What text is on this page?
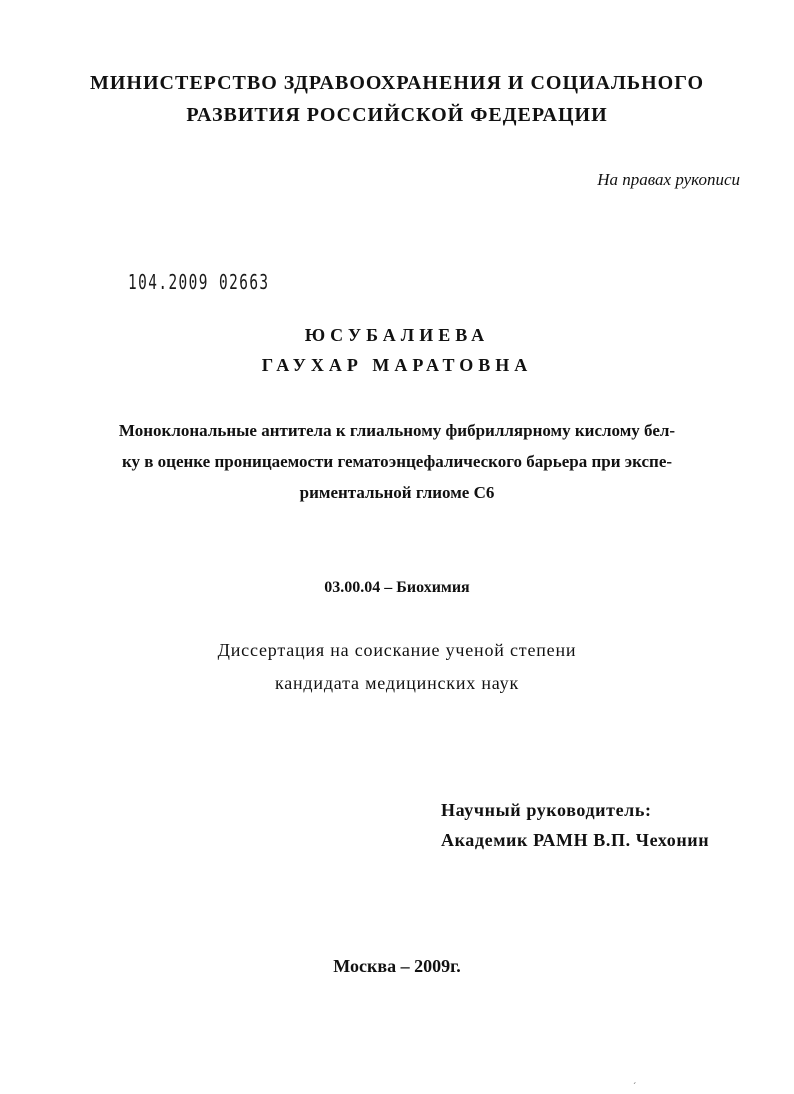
МИНИСТЕРСТВО ЗДРАВООХРАНЕНИЯ И СОЦИАЛЬНОГО
РАЗВИТИЯ РОССИЙСКОЙ ФЕДЕРАЦИИ
На правах рукописи
104.2009 02663
ЮСУБАЛИЕВА
ГАУХАР МАРАТОВНА
Моноклональные антитела к глиальному фибриллярному кислому бел-
ку в оценке проницаемости гематоэнцефалического барьера при экспе-
риментальной глиоме С6
03.00.04 – Биохимия
Диссертация на соискание ученой степени
кандидата медицинских наук
Научный руководитель:
Академик РАМН В.П. Чехонин
Москва – 2009г.
´
